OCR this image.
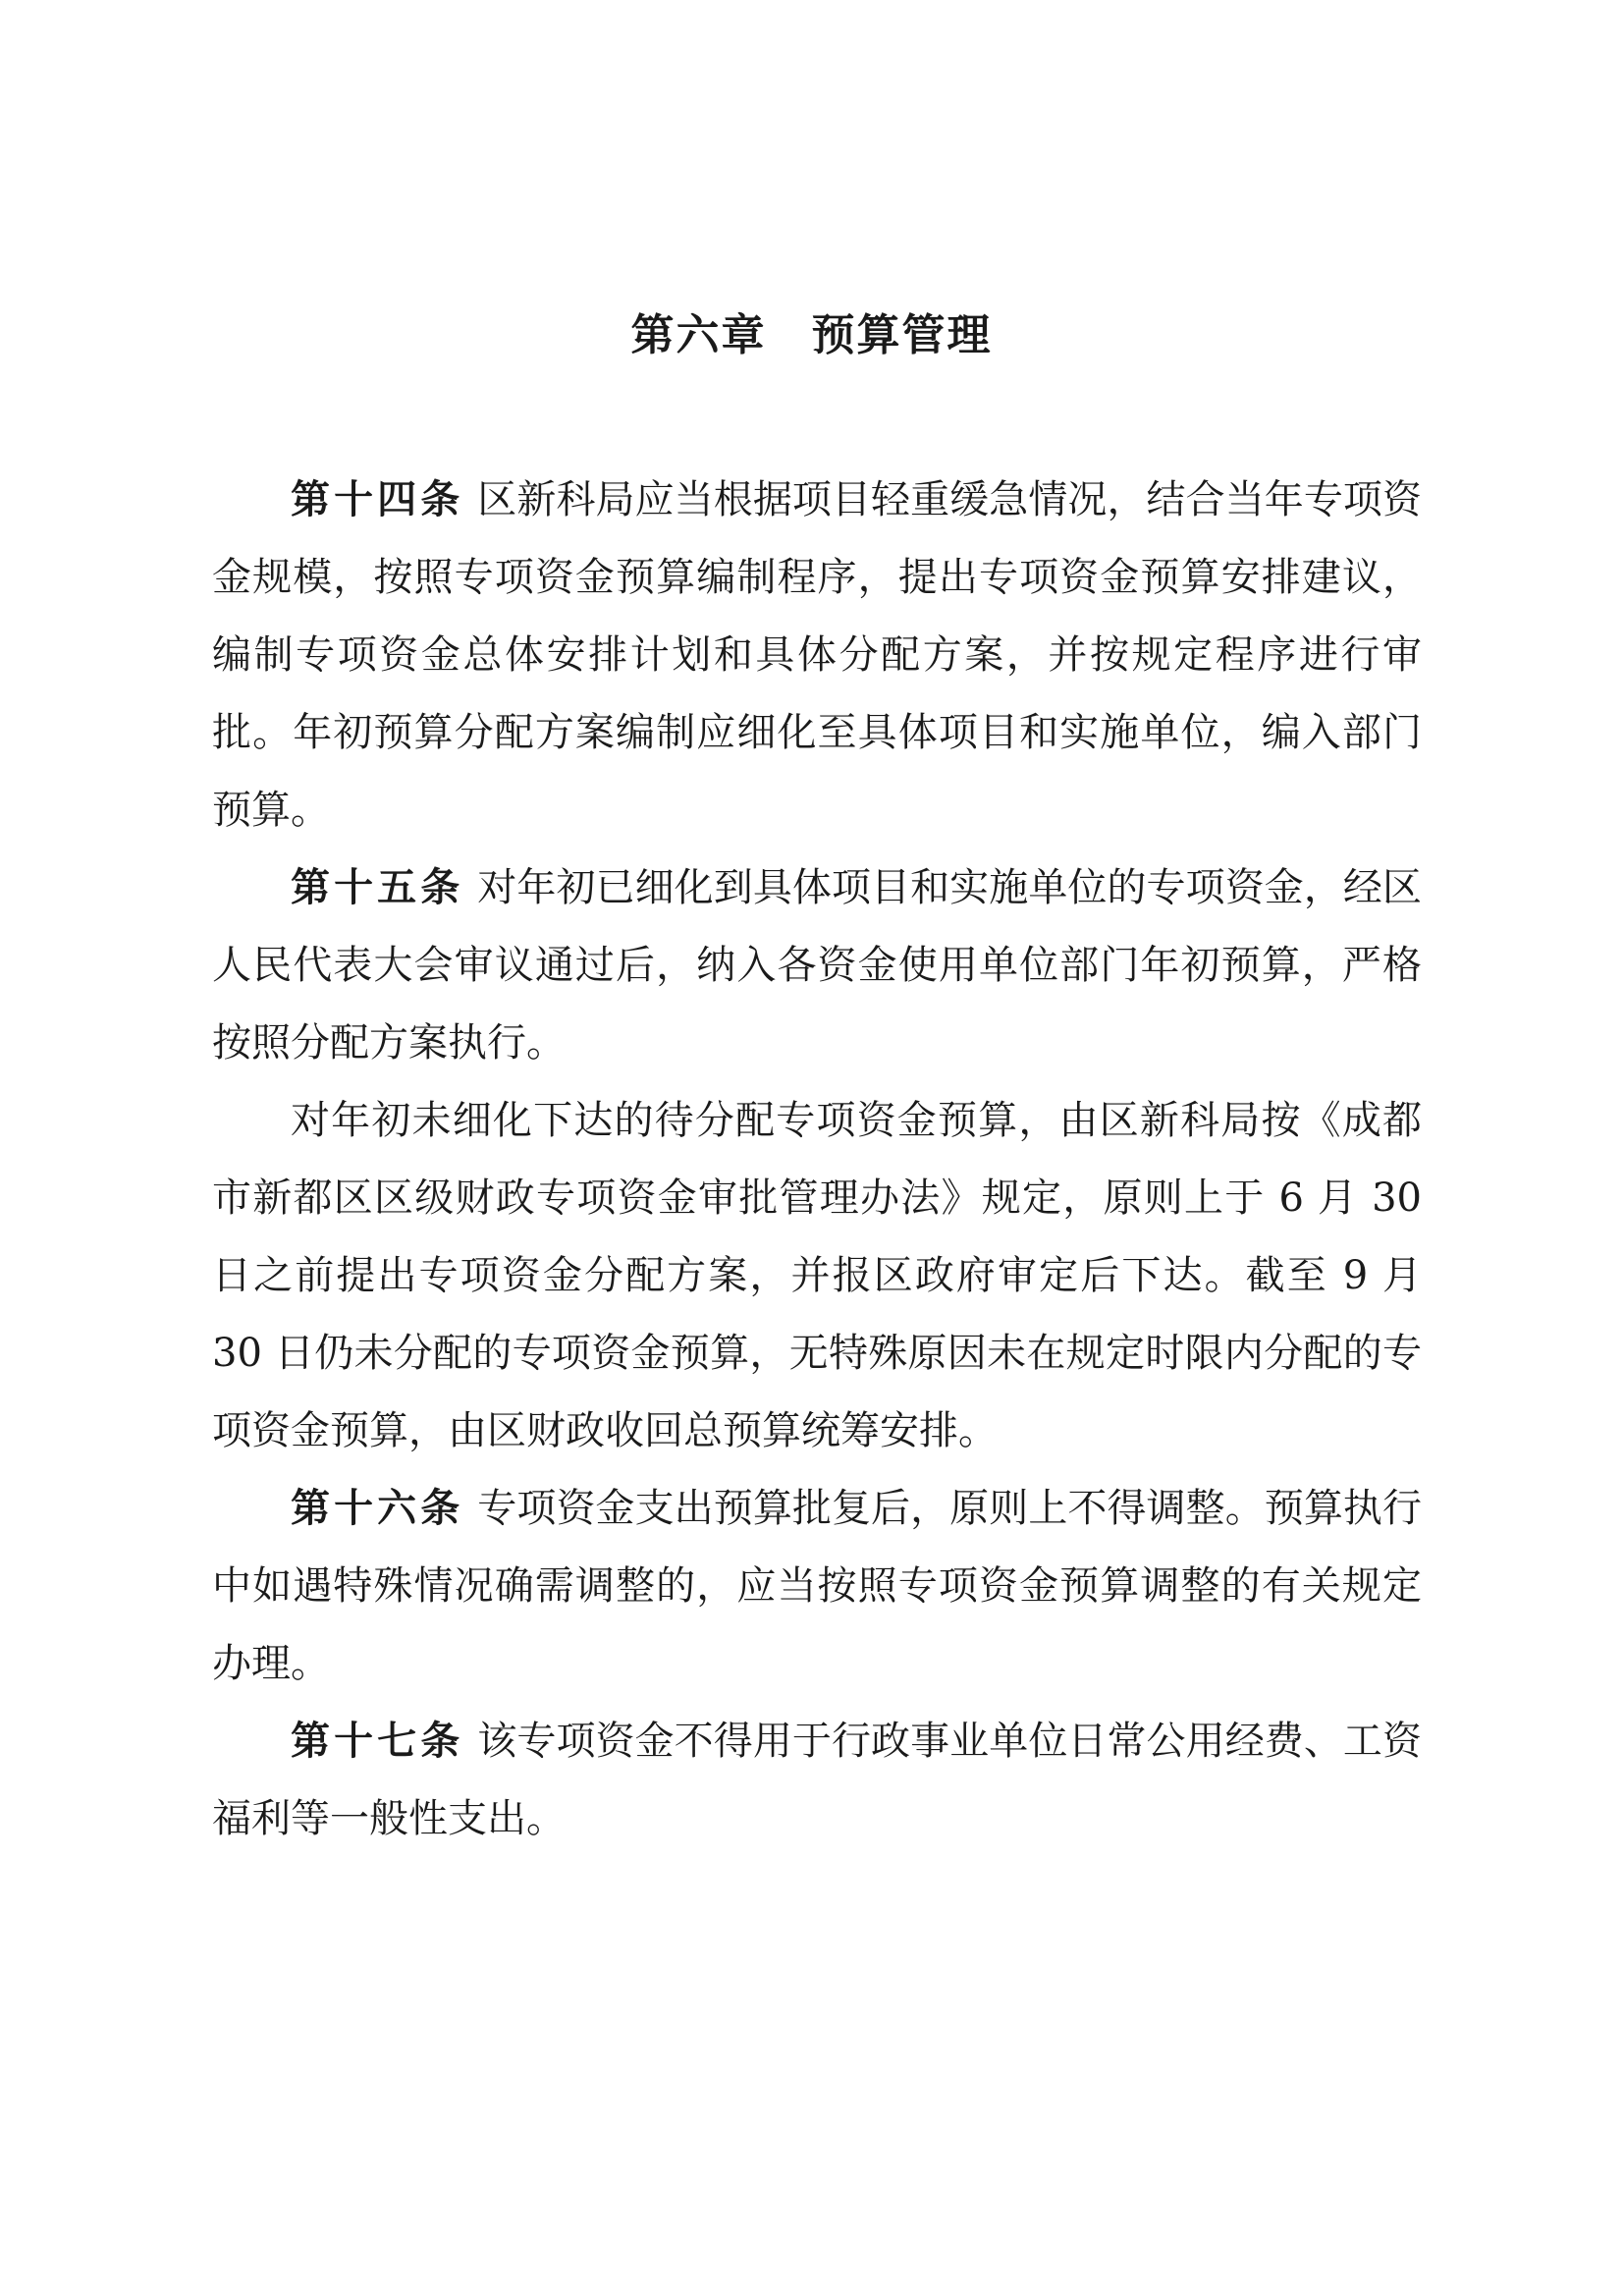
第六章　预算管理

第十四条 区新科局应当根据项目轻重缓急情况，结合当年专项资金规模，按照专项资金预算编制程序，提出专项资金预算安排建议，编制专项资金总体安排计划和具体分配方案，并按规定程序进行审批。年初预算分配方案编制应细化至具体项目和实施单位，编入部门预算。

第十五条 对年初已细化到具体项目和实施单位的专项资金，经区人民代表大会审议通过后，纳入各资金使用单位部门年初预算，严格按照分配方案执行。

对年初未细化下达的待分配专项资金预算，由区新科局按《成都市新都区区级财政专项资金审批管理办法》规定，原则上于 6 月 30 日之前提出专项资金分配方案，并报区政府审定后下达。截至 9 月 30 日仍未分配的专项资金预算，无特殊原因未在规定时限内分配的专项资金预算，由区财政收回总预算统筹安排。

第十六条 专项资金支出预算批复后，原则上不得调整。预算执行中如遇特殊情况确需调整的，应当按照专项资金预算调整的有关规定办理。

第十七条 该专项资金不得用于行政事业单位日常公用经费、工资福利等一般性支出。
